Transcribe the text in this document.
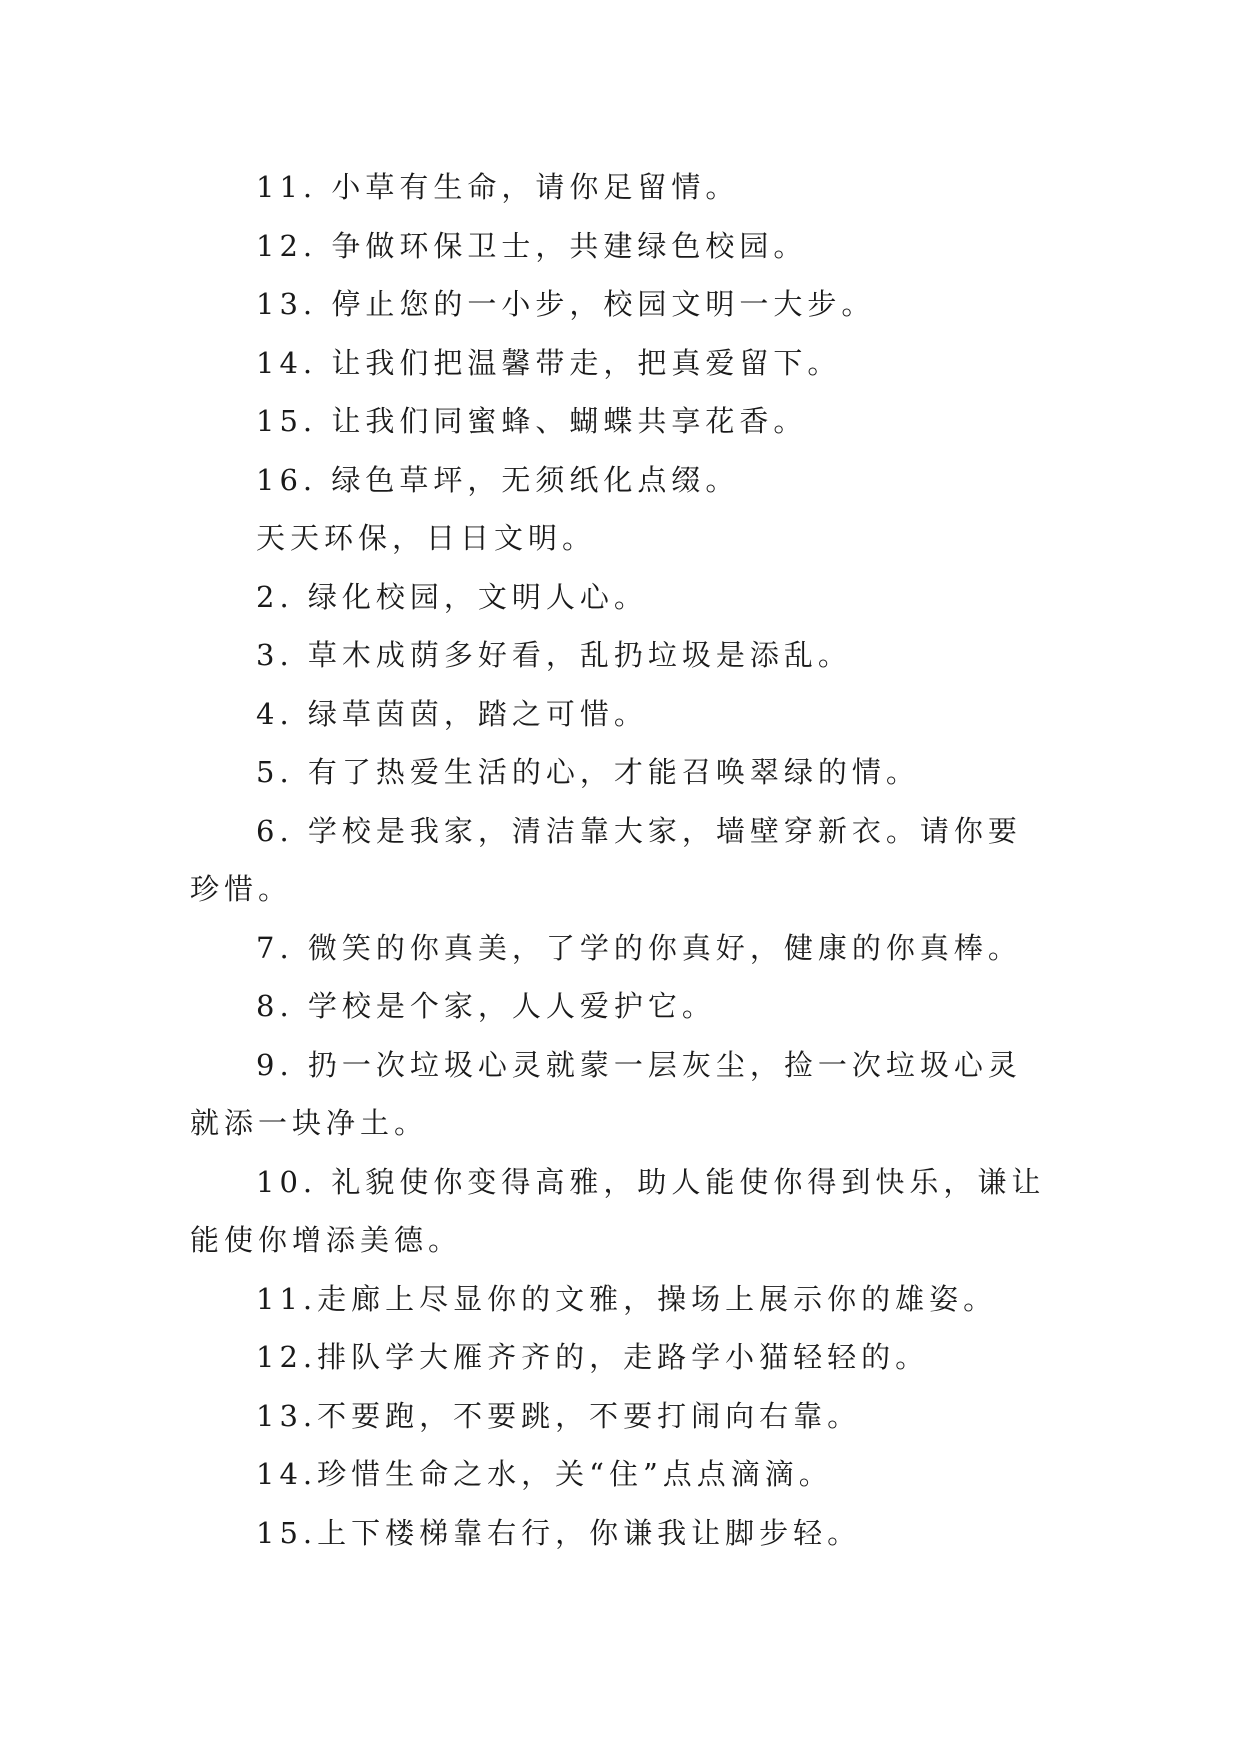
11. 小草有生命，请你足留情。

12. 争做环保卫士，共建绿色校园。

13. 停止您的一小步，校园文明一大步。

14. 让我们把温馨带走，把真爱留下。

15. 让我们同蜜蜂、蝴蝶共享花香。

16. 绿色草坪，无须纸化点缀。

天天环保，日日文明。

2. 绿化校园，文明人心。

3. 草木成荫多好看，乱扔垃圾是添乱。

4. 绿草茵茵，踏之可惜。

5. 有了热爱生活的心，才能召唤翠绿的情。

6. 学校是我家，清洁靠大家，墙壁穿新衣。请你要珍惜。

7. 微笑的你真美，了学的你真好，健康的你真棒。

8. 学校是个家，人人爱护它。

9. 扔一次垃圾心灵就蒙一层灰尘，捡一次垃圾心灵就添一块净土。

10. 礼貌使你变得高雅，助人能使你得到快乐，谦让能使你增添美德。

11.走廊上尽显你的文雅，操场上展示你的雄姿。

12.排队学大雁齐齐的，走路学小猫轻轻的。

13.不要跑，不要跳，不要打闹向右靠。

14.珍惜生命之水，关“住”点点滴滴。

15.上下楼梯靠右行，你谦我让脚步轻。
